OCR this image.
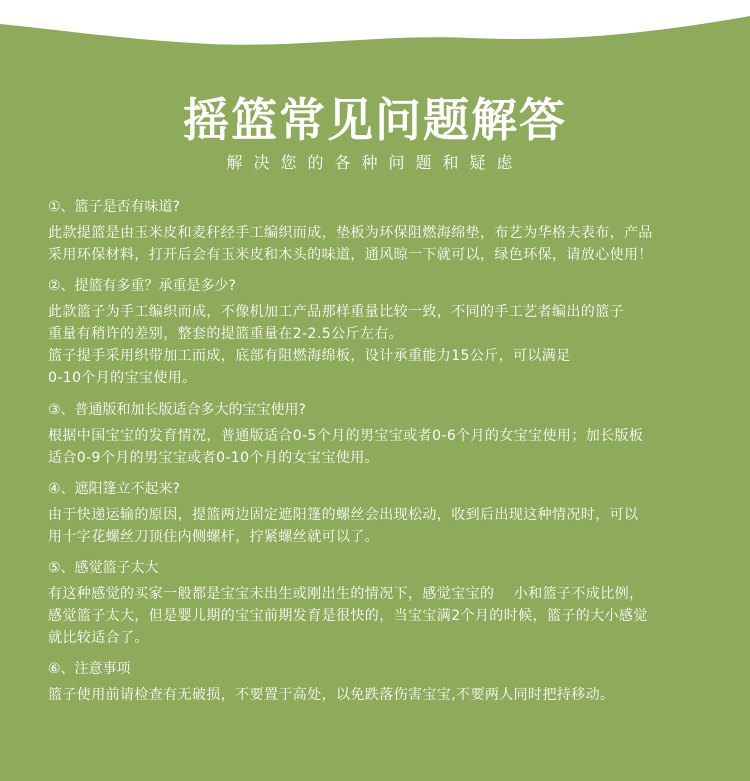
摇篮常见问题解答

解决您的各种问题和疑虑

①、篮子是否有味道?

此款提篮是由玉米皮和麦秆经手工编织而成，垫板为环保阻燃海绵垫，布艺为华格夫表布，产品

采用环保材料，打开后会有玉米皮和木头的味道，通风晾一下就可以，绿色环保，请放心使用！

②、提篮有多重？承重是多少?

此款篮子为手工编织而成，不像机加工产品那样重量比较一致，不同的手工艺者编出的篮子

重量有稍许的差别，整套的提篮重量在2-2.5公斤左右。

篮子提手采用织带加工而成，底部有阻燃海绵板，设计承重能力15公斤，可以满足

0-10个月的宝宝使用。

③、普通版和加长版适合多大的宝宝使用?

根据中国宝宝的发育情况，普通版适合0-5个月的男宝宝或者0-6个月的女宝宝使用；加长版板

适合0-9个月的男宝宝或者0-10个月的女宝宝使用。

④、遮阳篷立不起来?

由于快递运输的原因，提篮两边固定遮阳篷的螺丝会出现松动，收到后出现这种情况时，可以

用十字花螺丝刀顶住内侧螺杆，拧紧螺丝就可以了。

⑤、感觉篮子太大

有这种感觉的买家一般都是宝宝未出生或刚出生的情况下，感觉宝宝的    小和篮子不成比例，

感觉篮子太大，但是婴儿期的宝宝前期发育是很快的，当宝宝满2个月的时候，篮子的大小感觉

就比较适合了。

⑥、注意事项

篮子使用前请检查有无破损，不要置于高处，以免跌落伤害宝宝,不要两人同时把持移动。
